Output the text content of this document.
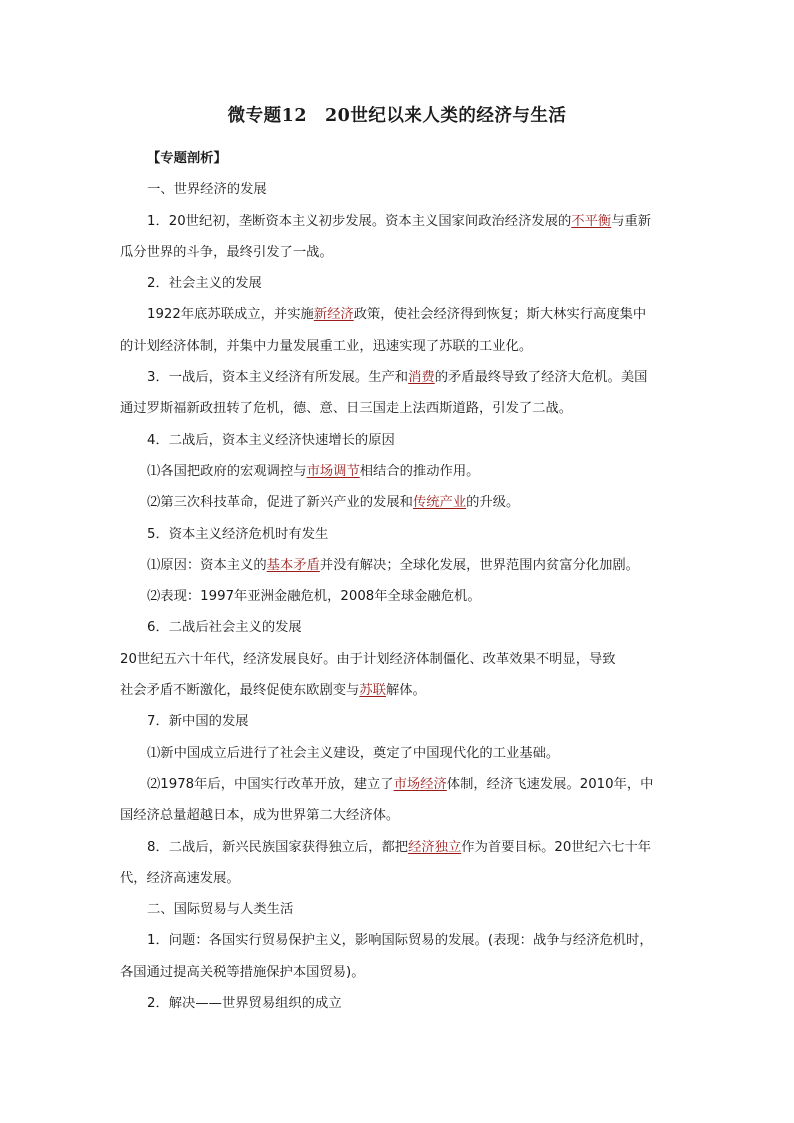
微专题12　20世纪以来人类的经济与生活
【专题剖析】
一、世界经济的发展
1．20世纪初，垄断资本主义初步发展。资本主义国家间政治经济发展的不平衡与重新
瓜分世界的斗争，最终引发了一战。
2．社会主义的发展
1922年底苏联成立，并实施新经济政策，使社会经济得到恢复；斯大林实行高度集中
的计划经济体制，并集中力量发展重工业，迅速实现了苏联的工业化。
3．一战后，资本主义经济有所发展。生产和消费的矛盾最终导致了经济大危机。美国
通过罗斯福新政扭转了危机，德、意、日三国走上法西斯道路，引发了二战。
4．二战后，资本主义经济快速增长的原因
⑴各国把政府的宏观调控与市场调节相结合的推动作用。
⑵第三次科技革命，促进了新兴产业的发展和传统产业的升级。
5．资本主义经济危机时有发生
⑴原因：资本主义的基本矛盾并没有解决；全球化发展，世界范围内贫富分化加剧。
⑵表现：1997年亚洲金融危机，2008年全球金融危机。
6．二战后社会主义的发展
20世纪五六十年代，经济发展良好。由于计划经济体制僵化、改革效果不明显，导致
社会矛盾不断激化，最终促使东欧剧变与苏联解体。
7．新中国的发展
⑴新中国成立后进行了社会主义建设，奠定了中国现代化的工业基础。
⑵1978年后，中国实行改革开放，建立了市场经济体制，经济飞速发展。2010年，中
国经济总量超越日本，成为世界第二大经济体。
8．二战后，新兴民族国家获得独立后，都把经济独立作为首要目标。20世纪六七十年
代，经济高速发展。
二、国际贸易与人类生活
1．问题：各国实行贸易保护主义，影响国际贸易的发展。(表现：战争与经济危机时，
各国通过提高关税等措施保护本国贸易)。
2．解决——世界贸易组织的成立
